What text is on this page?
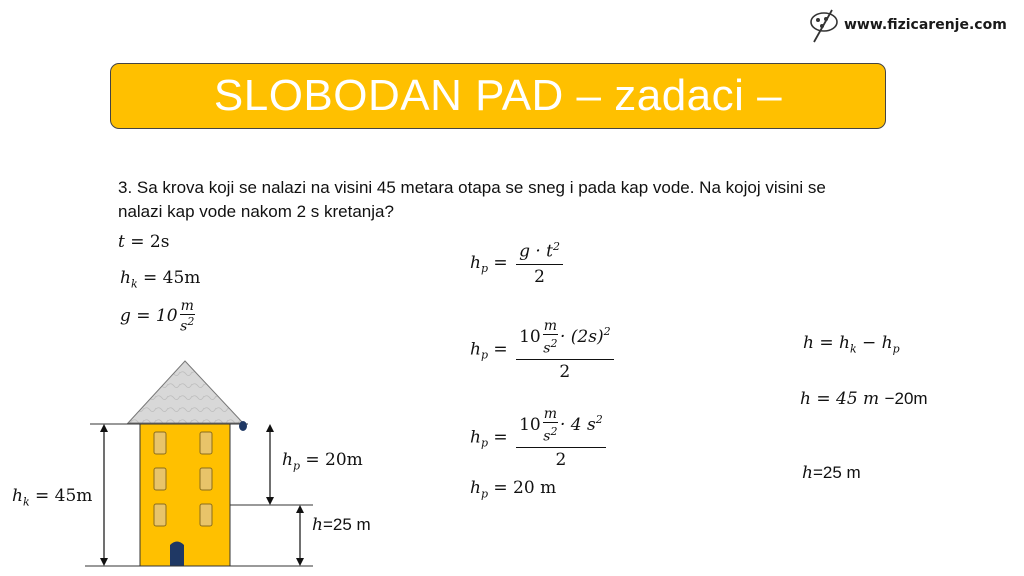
www.fizicarenje.com
SLOBODAN PAD – zadaci –
3. Sa krova koji se nalazi na visini 45 metara otapa se sneg i pada kap vode. Na kojoj visini se nalazi kap vode nakom 2 s kretanja?
t = 2s
$h_k = 45m$
$g = 10 \frac{m}{s^2}$
$h_p = \frac{g \cdot t^2}{2}$
$h_p = \frac{10 \frac{m}{s^2} \cdot (2s)^2}{2}$
$h_p = \frac{10 \frac{m}{s^2} \cdot 4 s^2}{2}$
$h_p = 20$ m
$h = h_k - h_p$
h = 45 m −20m
h=25 m
$h_k = 45m$
$h_p = 20m$
h=25 m
